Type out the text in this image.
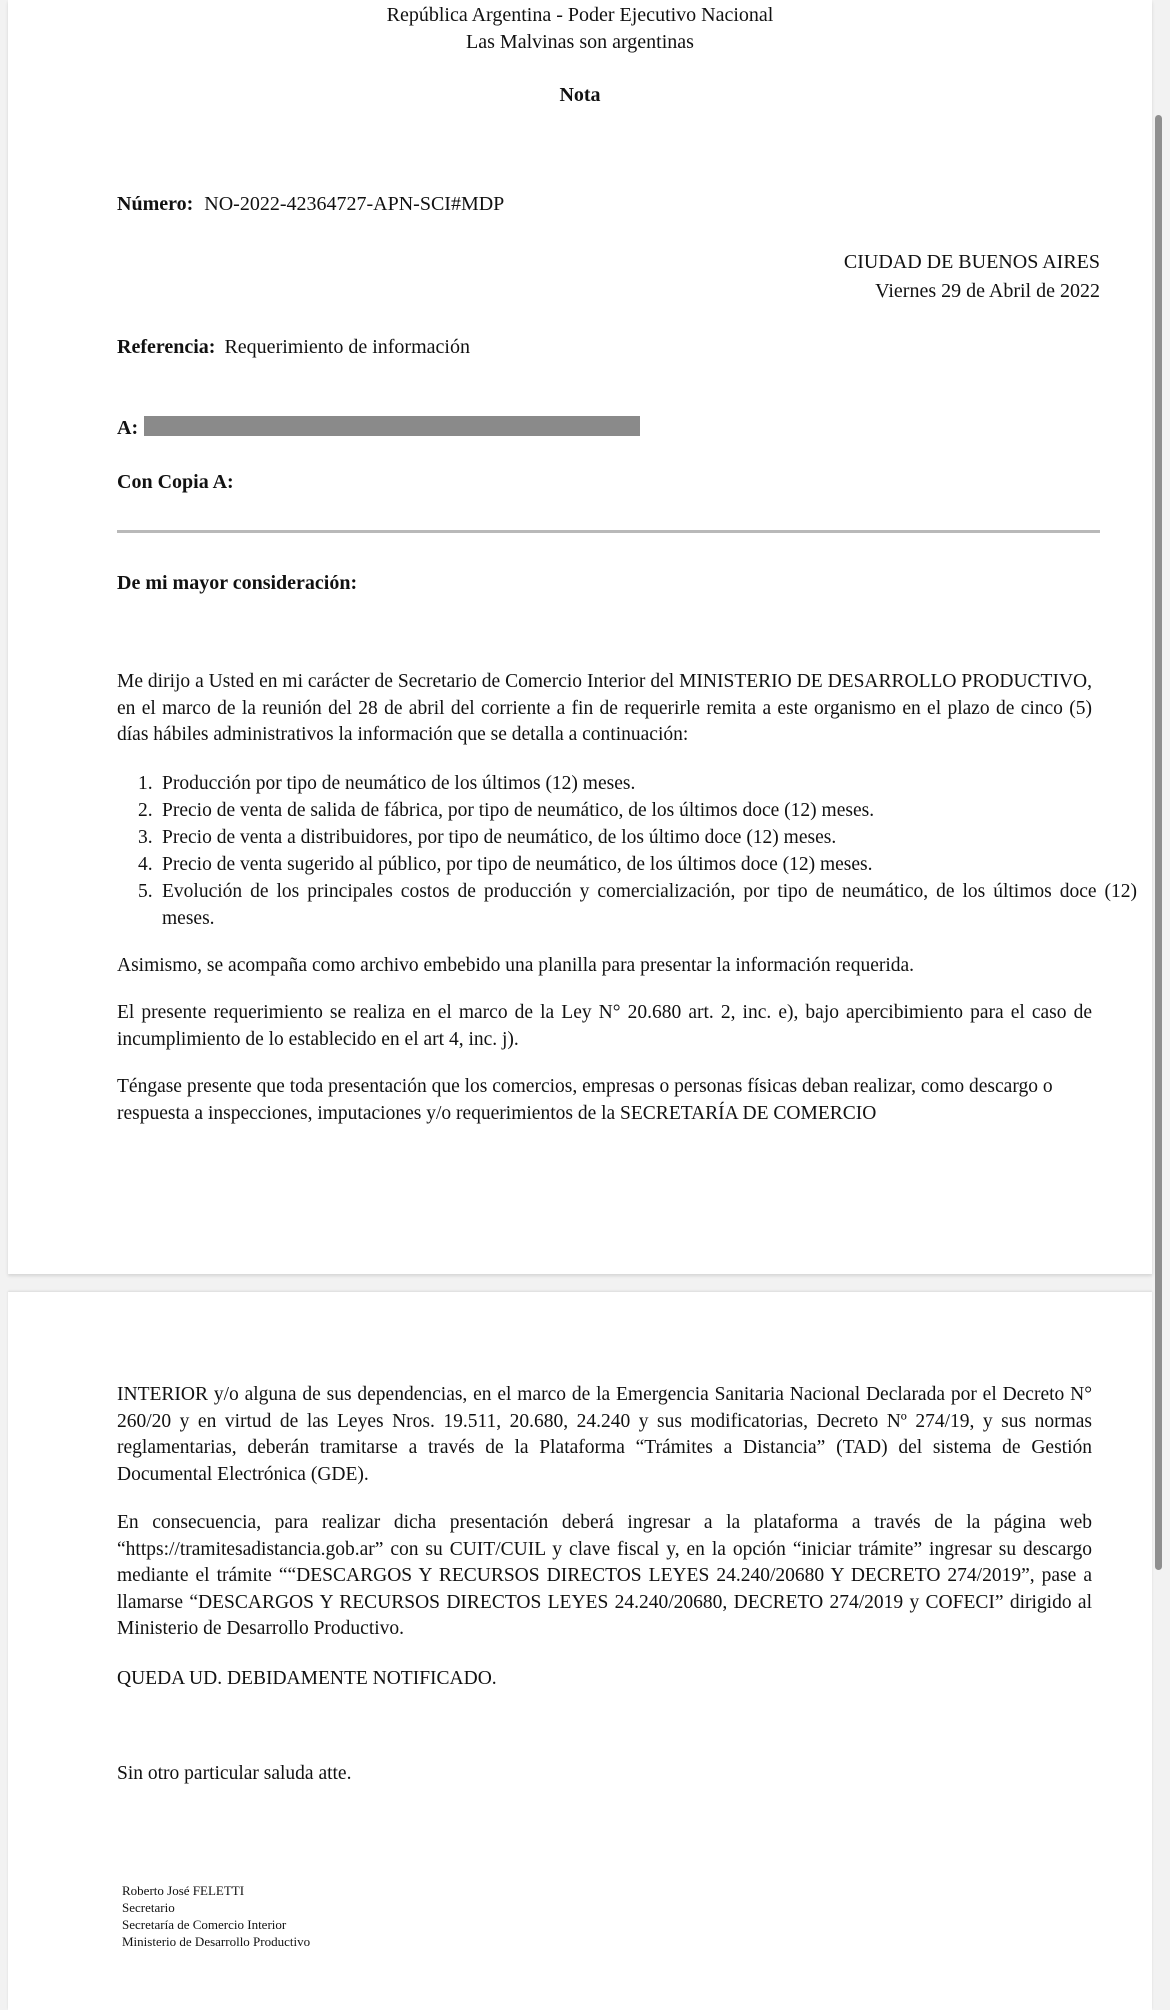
República Argentina - Poder Ejecutivo Nacional
Las Malvinas son argentinas
Nota
Número: NO-2022-42364727-APN-SCI#MDP
CIUDAD DE BUENOS AIRES
Viernes 29 de Abril de 2022
Referencia: Requerimiento de información
A:
Con Copia A:
De mi mayor consideración:

Me dirijo a Usted en mi carácter de Secretario de Comercio Interior del MINISTERIO DE DESARROLLO PRODUCTIVO, en el marco de la reunión del 28 de abril del corriente a fin de requerirle remita a este organismo en el plazo de cinco (5) días hábiles administrativos la información que se detalla a continuación:

1. Producción por tipo de neumático de los últimos (12) meses.
2. Precio de venta de salida de fábrica, por tipo de neumático, de los últimos doce (12) meses.
3. Precio de venta a distribuidores, por tipo de neumático, de los último doce (12) meses.
4. Precio de venta sugerido al público, por tipo de neumático, de los últimos doce (12) meses.
5. Evolución de los principales costos de producción y comercialización, por tipo de neumático, de los últimos doce (12) meses.

Asimismo, se acompaña como archivo embebido una planilla para presentar la información requerida.

El presente requerimiento se realiza en el marco de la Ley N° 20.680 art. 2, inc. e), bajo apercibimiento para el caso de incumplimiento de lo establecido en el art 4, inc. j).

Téngase presente que toda presentación que los comercios, empresas o personas físicas deban realizar, como descargo o respuesta a inspecciones, imputaciones y/o requerimientos de la SECRETARÍA DE COMERCIO

INTERIOR y/o alguna de sus dependencias, en el marco de la Emergencia Sanitaria Nacional Declarada por el Decreto N° 260/20 y en virtud de las Leyes Nros. 19.511, 20.680, 24.240 y sus modificatorias, Decreto Nº 274/19, y sus normas reglamentarias, deberán tramitarse a través de la Plataforma “Trámites a Distancia” (TAD) del sistema de Gestión Documental Electrónica (GDE).

En consecuencia, para realizar dicha presentación deberá ingresar a la plataforma a través de la página web “https://tramitesadistancia.gob.ar” con su CUIT/CUIL y clave fiscal y, en la opción “iniciar trámite” ingresar su descargo mediante el trámite ““DESCARGOS Y RECURSOS DIRECTOS LEYES 24.240/20680 Y DECRETO 274/2019”, pase a llamarse “DESCARGOS Y RECURSOS DIRECTOS LEYES 24.240/20680, DECRETO 274/2019 y COFECI” dirigido al Ministerio de Desarrollo Productivo.

QUEDA UD. DEBIDAMENTE NOTIFICADO.

Sin otro particular saluda atte.

Roberto José FELETTI
Secretario
Secretaría de Comercio Interior
Ministerio de Desarrollo Productivo
